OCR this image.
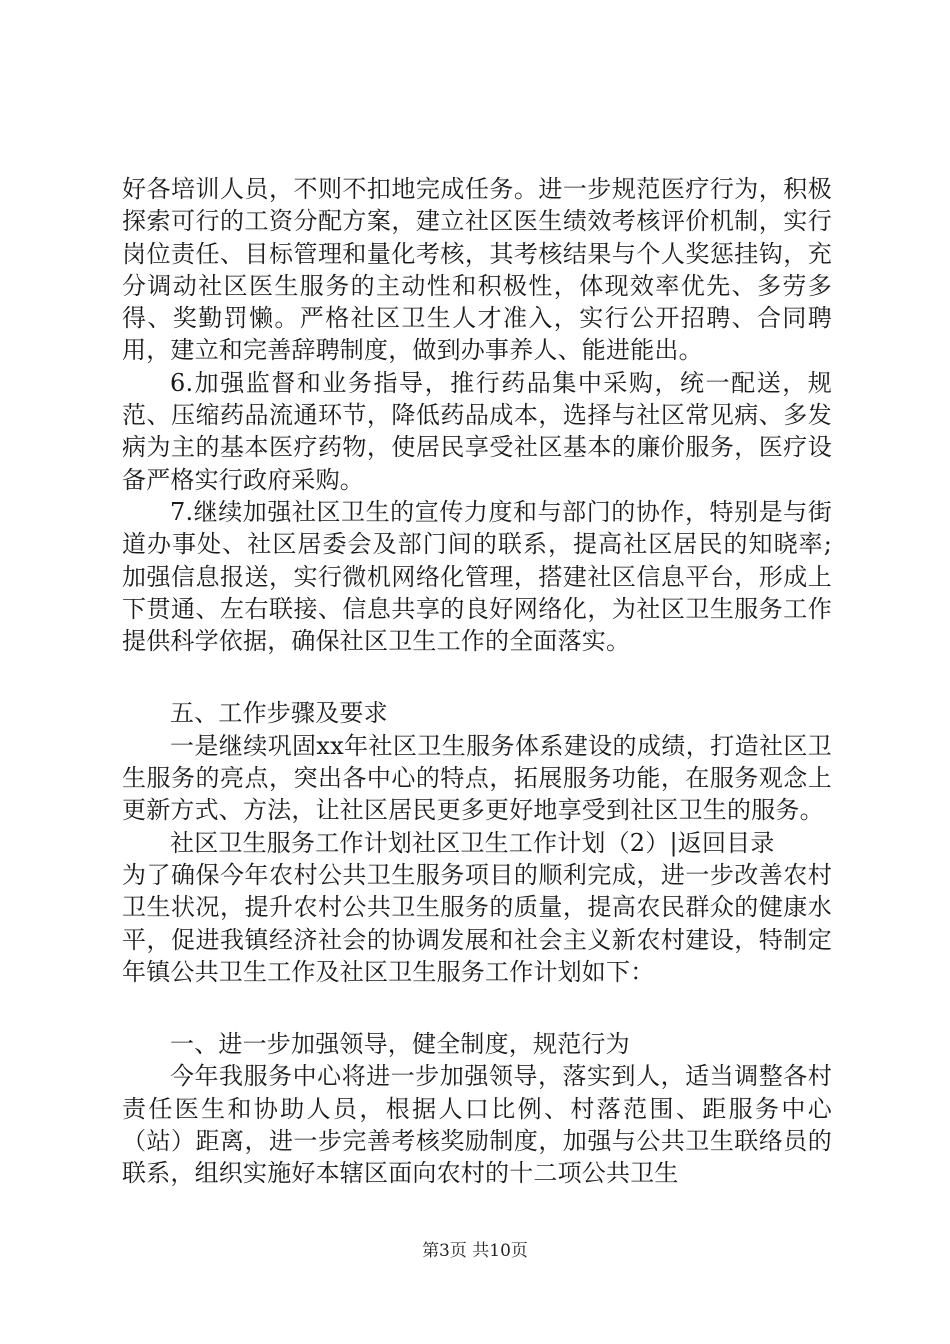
好各培训人员，不则不扣地完成任务。进一步规范医疗行为，积极探索可行的工资分配方案，建立社区医生绩效考核评价机制，实行岗位责任、目标管理和量化考核，其考核结果与个人奖惩挂钩，充分调动社区医生服务的主动性和积极性，体现效率优先、多劳多得、奖勤罚懒。严格社区卫生人才准入，实行公开招聘、合同聘用，建立和完善辞聘制度，做到办事养人、能进能出。

6.加强监督和业务指导，推行药品集中采购，统一配送，规范、压缩药品流通环节，降低药品成本，选择与社区常见病、多发病为主的基本医疗药物，使居民享受社区基本的廉价服务，医疗设备严格实行政府采购。

7.继续加强社区卫生的宣传力度和与部门的协作，特别是与街道办事处、社区居委会及部门间的联系，提高社区居民的知晓率;加强信息报送，实行微机网络化管理，搭建社区信息平台，形成上下贯通、左右联接、信息共享的良好网络化，为社区卫生服务工作提供科学依据，确保社区卫生工作的全面落实。

五、工作步骤及要求

一是继续巩固xx年社区卫生服务体系建设的成绩，打造社区卫生服务的亮点，突出各中心的特点，拓展服务功能，在服务观念上更新方式、方法，让社区居民更多更好地享受到社区卫生的服务。

社区卫生服务工作计划社区卫生工作计划（2）|返回目录

为了确保今年农村公共卫生服务项目的顺利完成，进一步改善农村卫生状况，提升农村公共卫生服务的质量，提高农民群众的健康水平，促进我镇经济社会的协调发展和社会主义新农村建设，特制定年镇公共卫生工作及社区卫生服务工作计划如下：

一、进一步加强领导，健全制度，规范行为

今年我服务中心将进一步加强领导，落实到人，适当调整各村责任医生和协助人员，根据人口比例、村落范围、距服务中心（站）距离，进一步完善考核奖励制度，加强与公共卫生联络员的联系，组织实施好本辖区面向农村的十二项公共卫生

第3页 共10页
